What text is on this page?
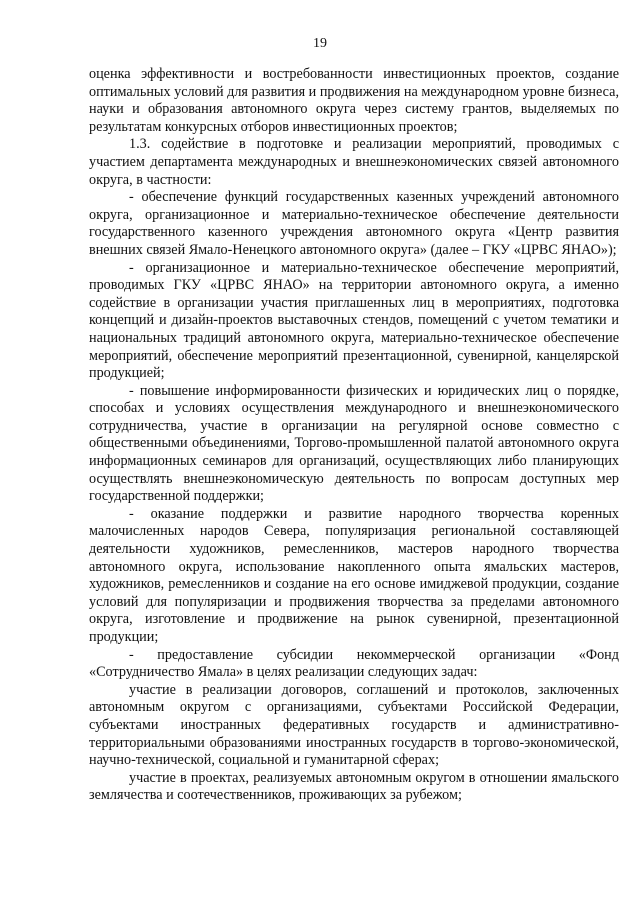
19

оценка эффективности и востребованности инвестиционных проектов, создание оптимальных условий для развития и продвижения на международном уровне бизнеса, науки и образования автономного округа через систему грантов, выделяемых по результатам конкурсных отборов инвестиционных проектов;

1.3. содействие в подготовке и реализации мероприятий, проводимых с участием департамента международных и внешнеэкономических связей автономного округа, в частности:

- обеспечение функций государственных казенных учреждений автономного округа, организационное и материально-техническое обеспечение деятельности государственного казенного учреждения автономного округа «Центр развития внешних связей Ямало-Ненецкого автономного округа» (далее – ГКУ «ЦРВС ЯНАО»);

- организационное и материально-техническое обеспечение мероприятий, проводимых ГКУ «ЦРВС ЯНАО» на территории автономного округа, а именно содействие в организации участия приглашенных лиц в мероприятиях, подготовка концепций и дизайн-проектов выставочных стендов, помещений с учетом тематики и национальных традиций автономного округа, материально-техническое обеспечение мероприятий, обеспечение мероприятий презентационной, сувенирной, канцелярской продукцией;

- повышение информированности физических и юридических лиц о порядке, способах и условиях осуществления международного и внешнеэкономического сотрудничества, участие в организации на регулярной основе совместно с общественными объединениями, Торгово-промышленной палатой автономного округа информационных семинаров для организаций, осуществляющих либо планирующих осуществлять внешнеэкономическую деятельность по вопросам доступных мер государственной поддержки;

- оказание поддержки и развитие народного творчества коренных малочисленных народов Севера, популяризация региональной составляющей деятельности художников, ремесленников, мастеров народного творчества автономного округа, использование накопленного опыта ямальских мастеров, художников, ремесленников и создание на его основе имиджевой продукции, создание условий для популяризации и продвижения творчества за пределами автономного округа, изготовление и продвижение на рынок сувенирной, презентационной продукции;

- предоставление субсидии некоммерческой организации «Фонд «Сотрудничество Ямала» в целях реализации следующих задач:

участие в реализации договоров, соглашений и протоколов, заключенных автономным округом с организациями, субъектами Российской Федерации, субъектами иностранных федеративных государств и административно-территориальными образованиями иностранных государств в торгово-экономической, научно-технической, социальной и гуманитарной сферах;

участие в проектах, реализуемых автономным округом в отношении ямальского землячества и соотечественников, проживающих за рубежом;
